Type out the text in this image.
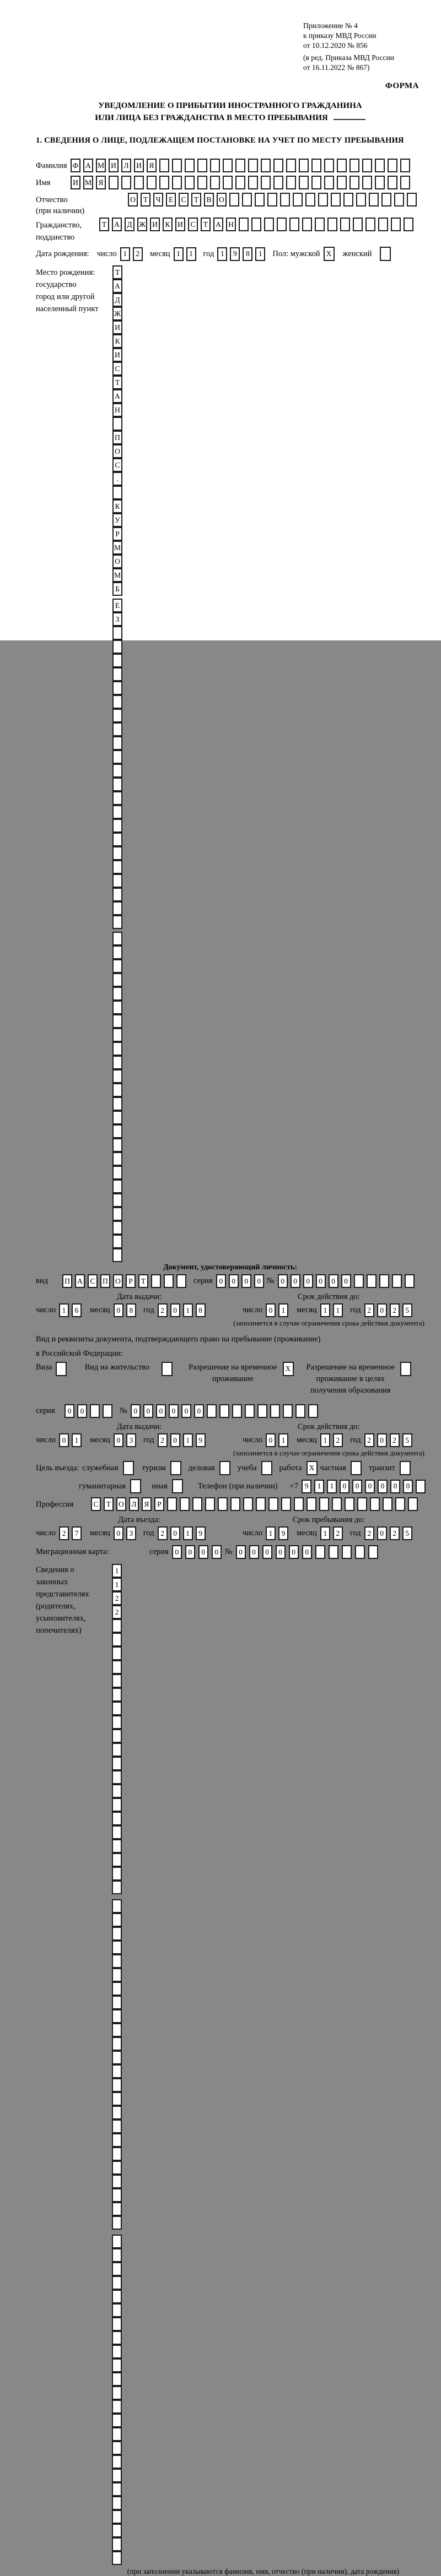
Приложение № 4
к приказу МВД России
от 10.12.2020 № 856
(в ред. Приказа МВД России
от 16.11.2022 № 867)
ФОРМА
УВЕДОМЛЕНИЕ О ПРИБЫТИИ ИНОСТРАННОГО ГРАЖДАНИНА
ИЛИ ЛИЦА БЕЗ ГРАЖДАНСТВА В МЕСТО ПРЕБЫВАНИЯ
1. СВЕДЕНИЯ О ЛИЦЕ, ПОДЛЕЖАЩЕМ ПОСТАНОВКЕ НА УЧЕТ ПО МЕСТУ ПРЕБЫВАНИЯ
Фамилия Ф А М И	Л	И	Я
Имя	И М Я
Отчество
(при наличии)
О	Т	Ч	Е	С	Т	В	О
Гражданство,
подданство
Т	А	Д Ж И	К	И	С	Т	А Н
Дата рождения: число 1	2	месяц 1	1	год 1	9	8	1	Пол: мужской X	женский
Место рождения:
государство
город или другой
населенный пункт
Т
А
Д
Ж
И
К
И
С
Т
А
Н
П
О
С
.
К
У
Р
М
О
М
Б
Е
З
Документ, удостоверяющий личность:
вид	П А	С	П О	Р	Т	серия 0	0	0	0 № 0	0	0	0	0	0
Дата выдачи:
число 1	6	месяц 0	8	год 2	0	1	8
Срок действия до:
число 0	1	месяц 1	1	год 2	0	2	5
(заполняется в случае ограничения срока действия документа)
Вид и реквизиты документа, подтверждающего право на пребывание (проживание)
в Российской Федерации:
Виза	Вид на жительство	Разрешение на временное
проживание
X	Разрешение на временное
проживание в целях
получения образования
серия	0	0	№ 0	0	0	0	0	0
Дата выдачи:
число 0	1	месяц 0	3	год 2	0	1	9
Срок действия до:
число 0	1	месяц 1	2	год 2	0	2	5
(заполняется в случае ограничения срока действия документа)
Цель въезда: служебная	туризм	деловая	учеба	работа X частная	транзит
гуманитарная	иная	Телефон (при наличии) +7 9	1	1	0	0	0	0	0	0
Профессия	С	Т	О	Л	Я	Р
Дата въезда:
число 2	7	месяц 0	3	год 2	0	1	9
Срок пребывания до:
число 1	9	месяц 1	2	год 2	0	2	5
Миграционная карта:	серия 0	0	0	0 № 0	0	0	0	0	0
Сведения о
законных
представителях
(родителях,
усыновителях,
попечителях)
1
1
2
2
(при заполнении указываются фамилия, имя, отчество (при наличии), дата рождения)
